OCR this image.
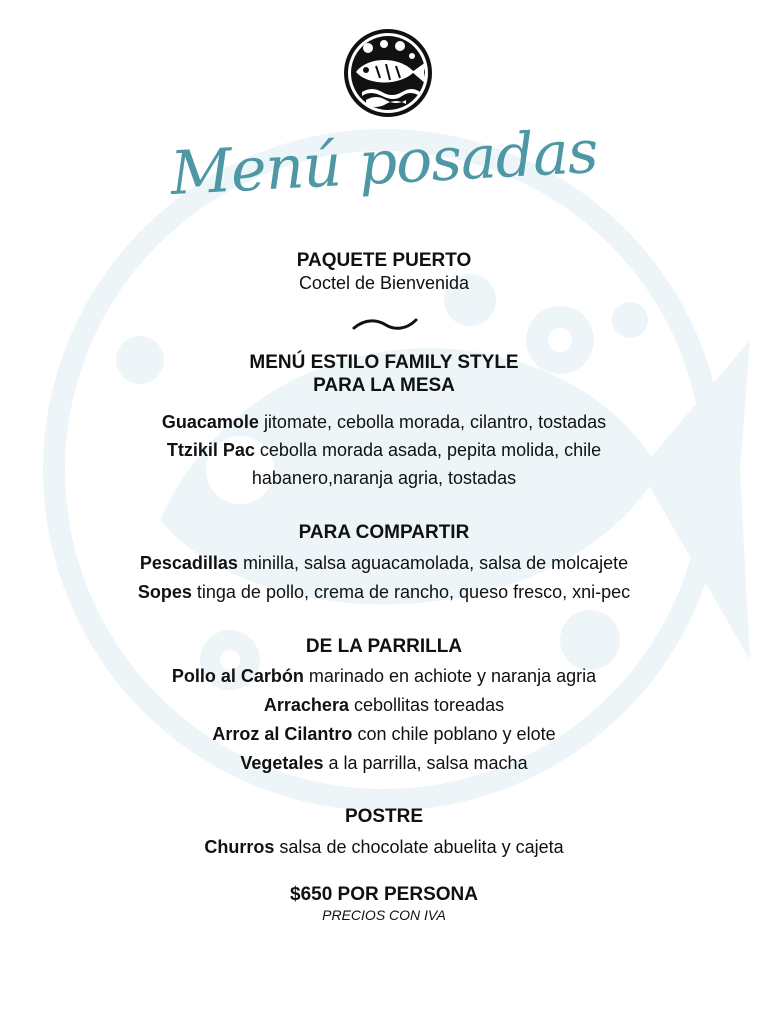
Menú posadas
PAQUETE PUERTO
Coctel de Bienvenida
MENÚ ESTILO FAMILY STYLE
PARA LA MESA
Guacamole jitomate, cebolla morada, cilantro, tostadas
Ttzikil Pac cebolla morada asada, pepita molida, chile
habanero,naranja agria, tostadas
PARA COMPARTIR
Pescadillas minilla, salsa aguacamolada, salsa de molcajete
Sopes tinga de pollo, crema de rancho, queso fresco, xni-pec
DE LA PARRILLA
Pollo al Carbón marinado en achiote y naranja agria
Arrachera cebollitas toreadas
Arroz al Cilantro con chile poblano y elote
Vegetales a la parrilla, salsa macha
POSTRE
Churros salsa de chocolate abuelita y cajeta
$650 POR PERSONA
PRECIOS CON IVA
